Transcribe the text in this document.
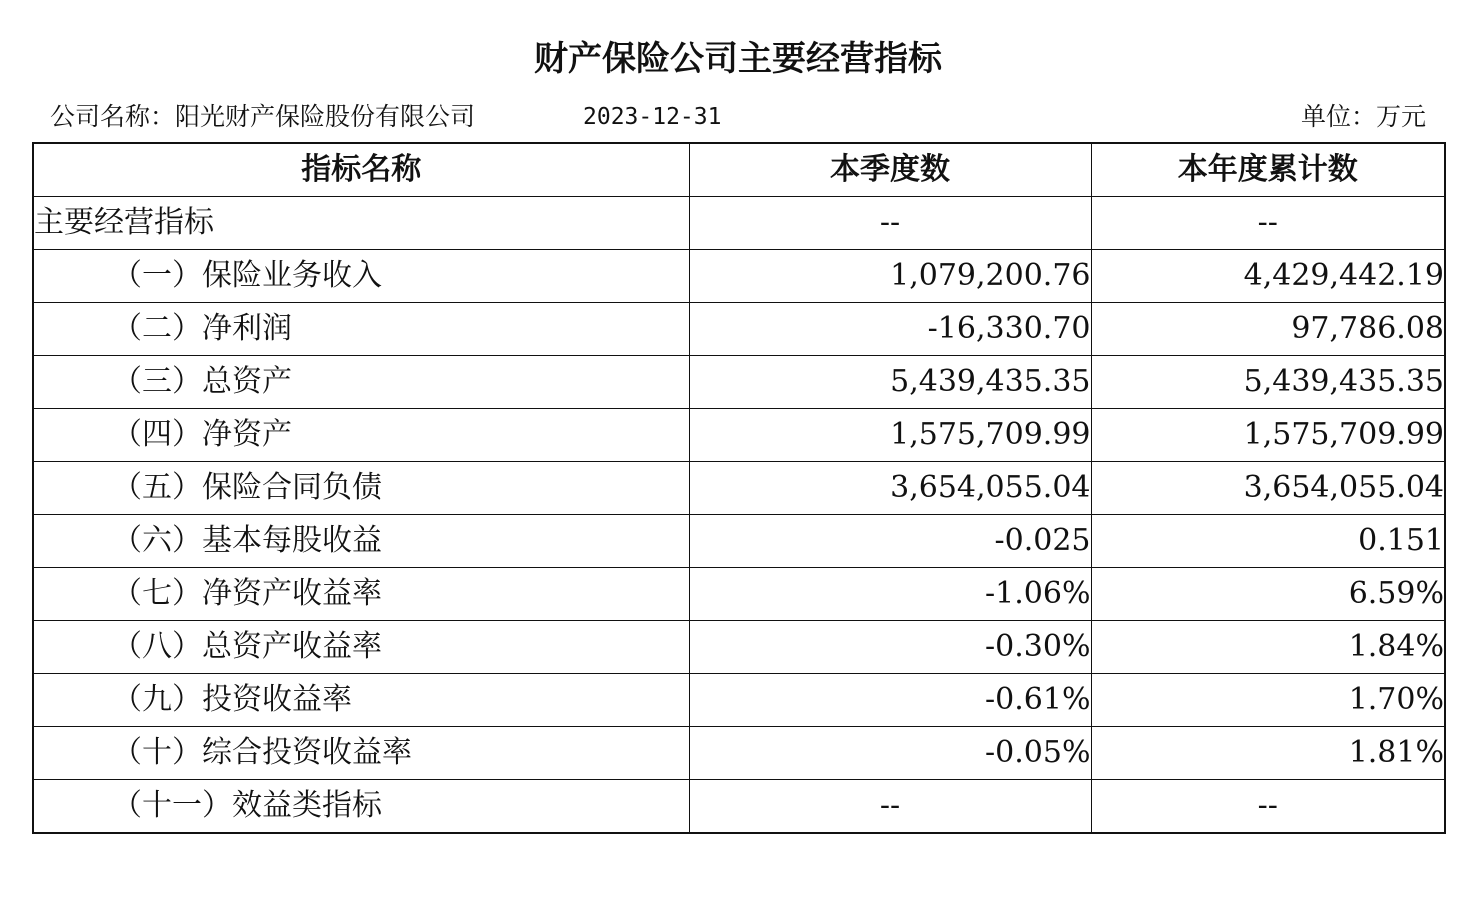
财产保险公司主要经营指标
公司名称：阳光财产保险股份有限公司	2023-12-31	单位：万元
指标名称	本季度数	本年度累计数
主要经营指标	--	--
（一）保险业务收入	1,079,200.76	4,429,442.19
（二）净利润	-16,330.70	97,786.08
（三）总资产	5,439,435.35	5,439,435.35
（四）净资产	1,575,709.99	1,575,709.99
（五）保险合同负债	3,654,055.04	3,654,055.04
（六）基本每股收益	-0.025	0.151
（七）净资产收益率	-1.06%	6.59%
（八）总资产收益率	-0.30%	1.84%
（九）投资收益率	-0.61%	1.70%
（十）综合投资收益率	-0.05%	1.81%
（十一）效益类指标	--	--
